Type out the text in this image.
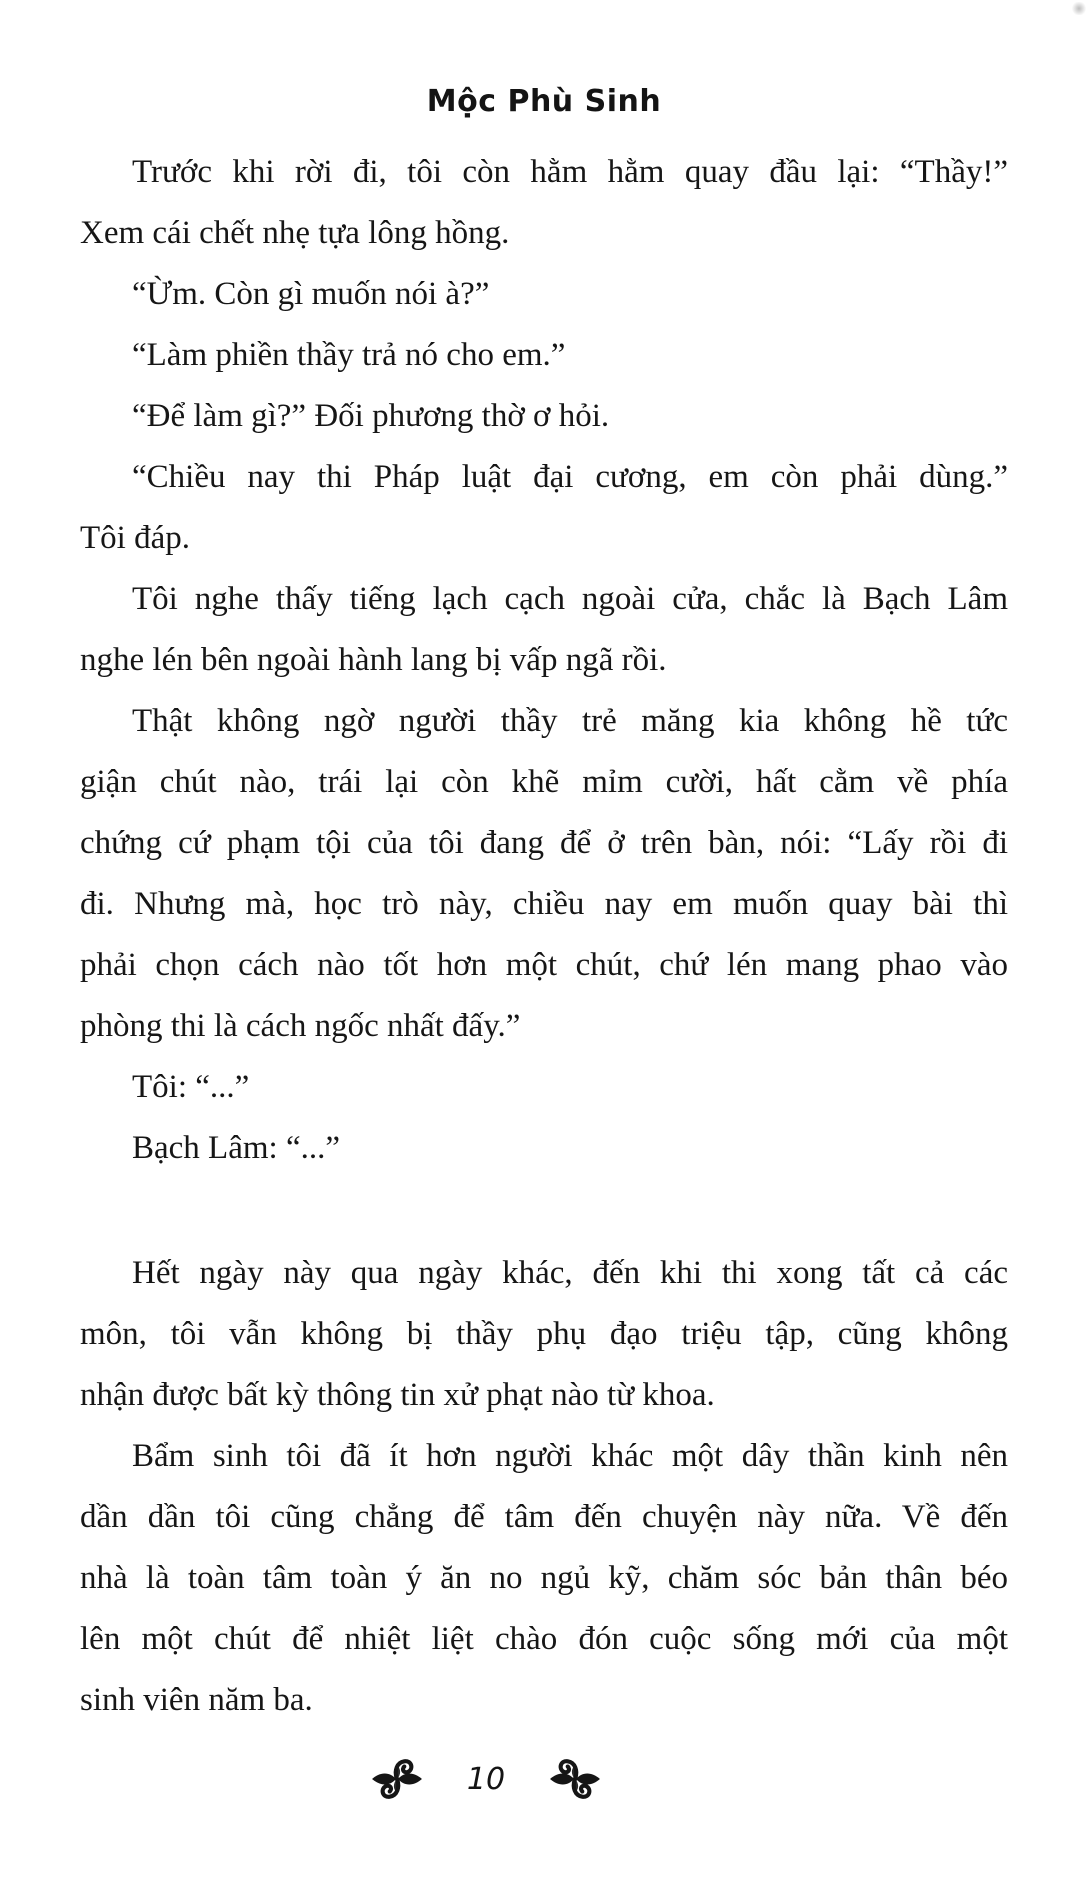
Mộc Phù Sinh
Trước khi rời đi, tôi còn hằm hằm quay đầu lại: “Thầy!”
Xem cái chết nhẹ tựa lông hồng.
“Ừm. Còn gì muốn nói à?”
“Làm phiền thầy trả nó cho em.”
“Để làm gì?” Đối phương thờ ơ hỏi.
“Chiều nay thi Pháp luật đại cương, em còn phải dùng.”
Tôi đáp.
Tôi nghe thấy tiếng lạch cạch ngoài cửa, chắc là Bạch Lâm
nghe lén bên ngoài hành lang bị vấp ngã rồi.
Thật không ngờ người thầy trẻ măng kia không hề tức
giận chút nào, trái lại còn khẽ mỉm cười, hất cằm về phía
chứng cứ phạm tội của tôi đang để ở trên bàn, nói: “Lấy rồi đi
đi. Nhưng mà, học trò này, chiều nay em muốn quay bài thì
phải chọn cách nào tốt hơn một chút, chứ lén mang phao vào
phòng thi là cách ngốc nhất đấy.”
Tôi: “...”
Bạch Lâm: “...”
Hết ngày này qua ngày khác, đến khi thi xong tất cả các
môn, tôi vẫn không bị thầy phụ đạo triệu tập, cũng không
nhận được bất kỳ thông tin xử phạt nào từ khoa.
Bẩm sinh tôi đã ít hơn người khác một dây thần kinh nên
dần dần tôi cũng chẳng để tâm đến chuyện này nữa. Về đến
nhà là toàn tâm toàn ý ăn no ngủ kỹ, chăm sóc bản thân béo
lên một chút để nhiệt liệt chào đón cuộc sống mới của một
sinh viên năm ba.
10
